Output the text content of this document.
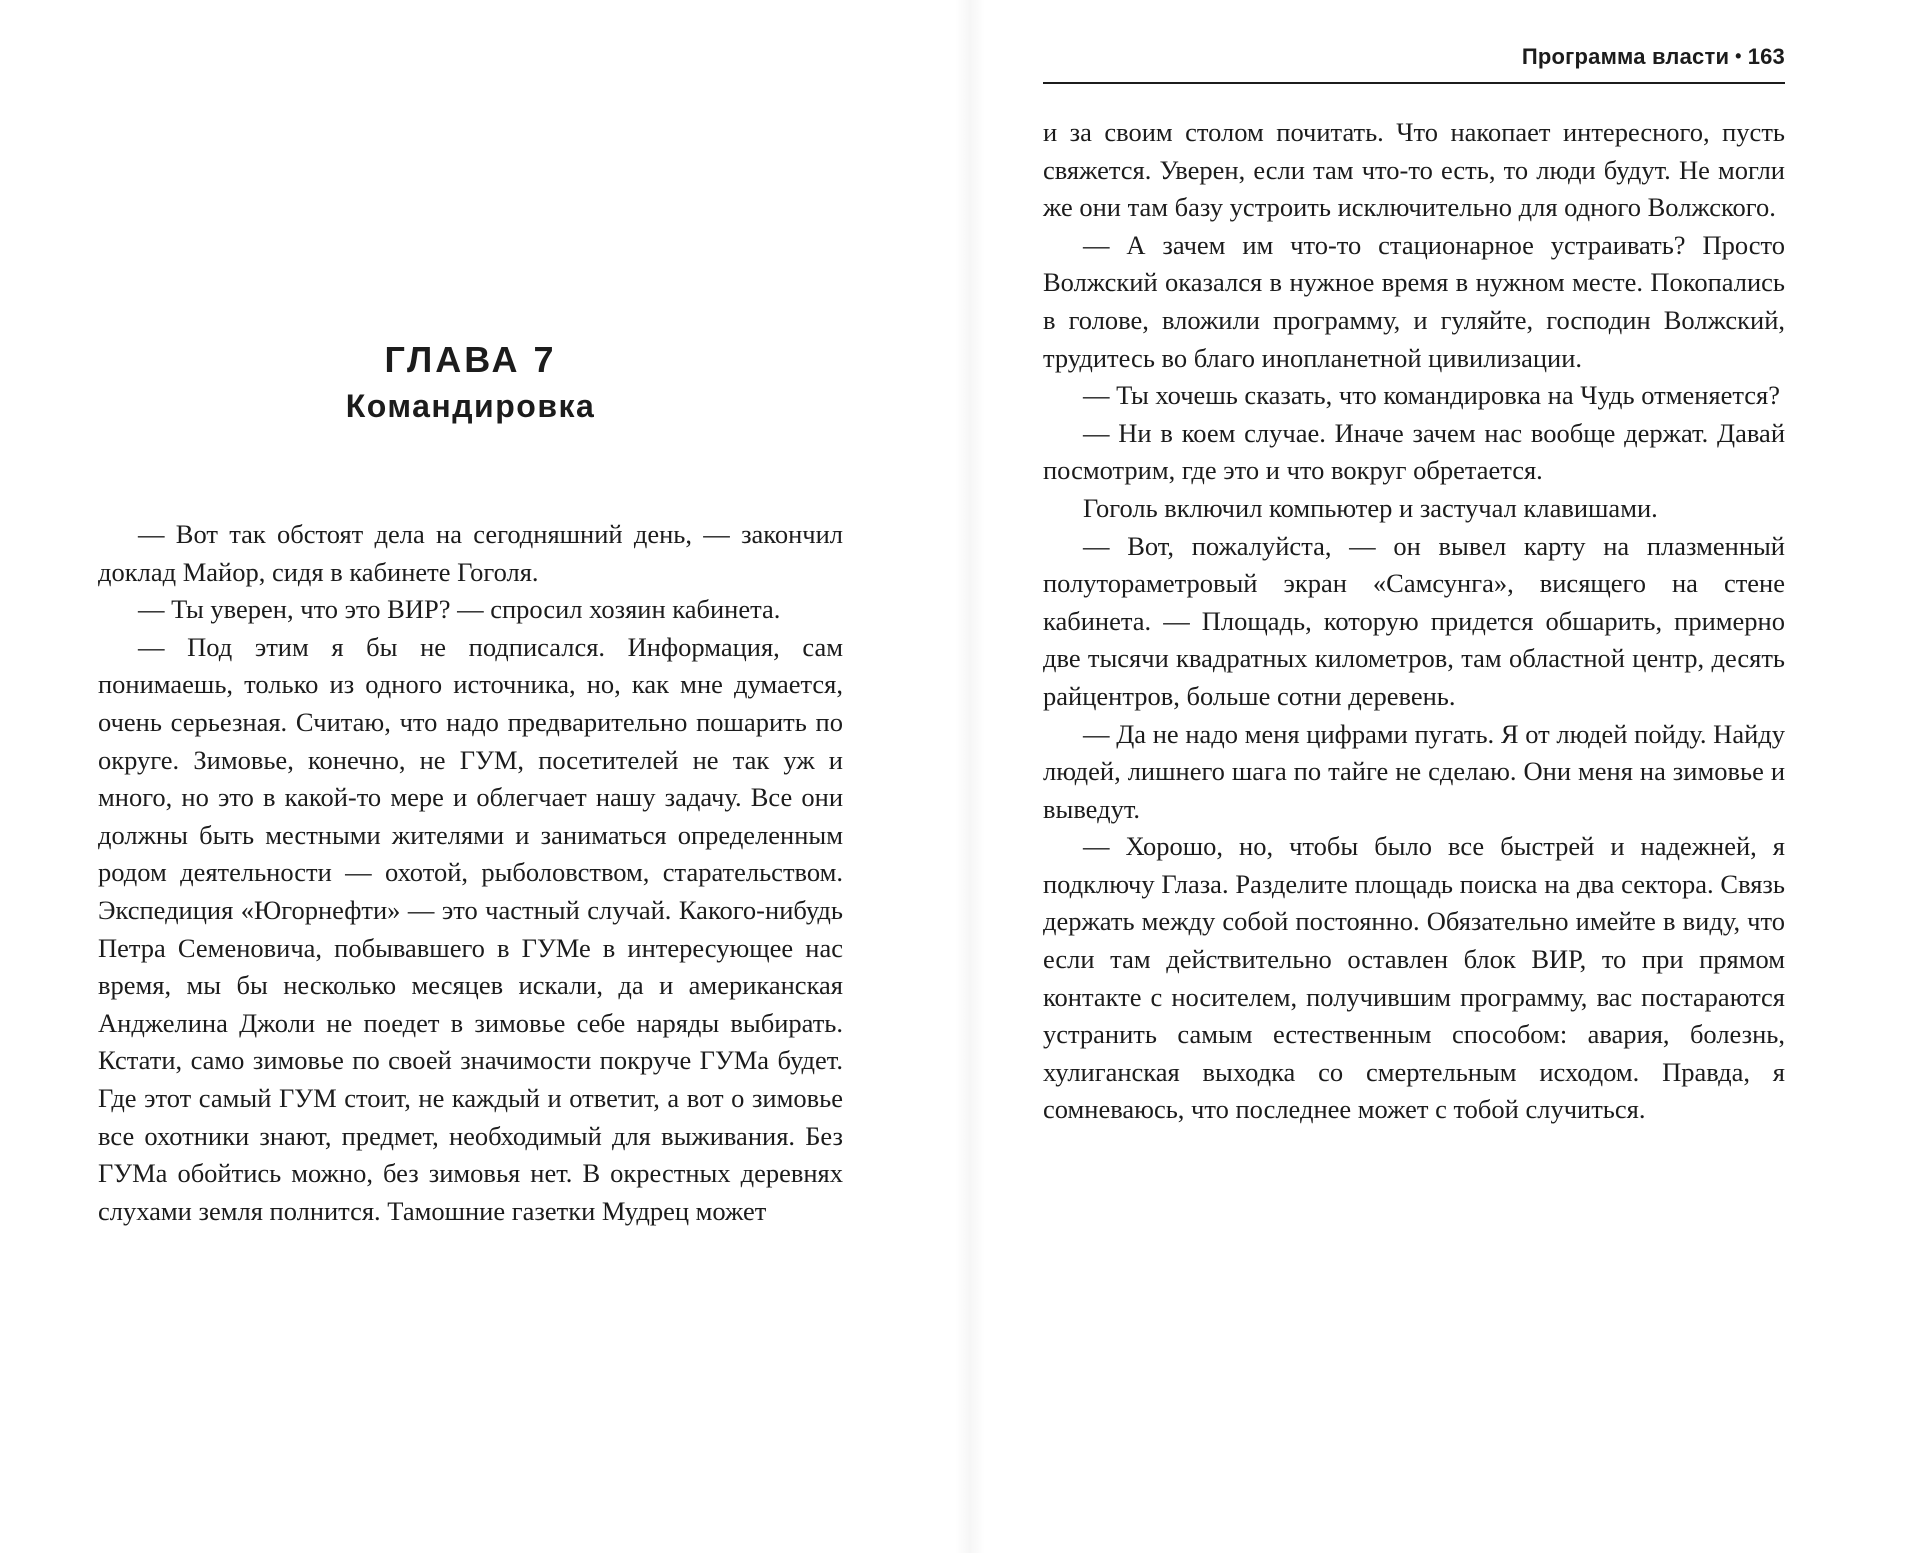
ГЛАВА 7
Командировка

— Вот так обстоят дела на сегодняшний день, — закончил доклад Майор, сидя в кабинете Гоголя.

— Ты уверен, что это ВИР? — спросил хозяин кабинета.

— Под этим я бы не подписался. Информация, сам понимаешь, только из одного источника, но, как мне думается, очень серьезная. Считаю, что надо предварительно пошарить по округе. Зимовье, конечно, не ГУМ, посетителей не так уж и много, но это в какой-то мере и облегчает нашу задачу. Все они должны быть местными жителями и заниматься определенным родом деятельности — охотой, рыболовством, старательством. Экспедиция «Югорнефти» — это частный случай. Какого-нибудь Петра Семеновича, побывавшего в ГУМе в интересующее нас время, мы бы несколько месяцев искали, да и американская Анджелина Джоли не поедет в зимовье себе наряды выбирать. Кстати, само зимовье по своей значимости покруче ГУМа будет. Где этот самый ГУМ стоит, не каждый и ответит, а вот о зимовье все охотники знают, предмет, необходимый для выживания. Без ГУМа обойтись можно, без зимовья нет. В окрестных деревнях слухами земля полнится. Тамошние газетки Мудрец может

Программа власти • 163

и за своим столом почитать. Что накопает интересного, пусть свяжется. Уверен, если там что-то есть, то люди будут. Не могли же они там базу устроить исключительно для одного Волжского.

— А зачем им что-то стационарное устраивать? Просто Волжский оказался в нужное время в нужном месте. Покопались в голове, вложили программу, и гуляйте, господин Волжский, трудитесь во благо инопланетной цивилизации.

— Ты хочешь сказать, что командировка на Чудь отменяется?

— Ни в коем случае. Иначе зачем нас вообще держат. Давай посмотрим, где это и что вокруг обретается.

Гоголь включил компьютер и застучал клавишами.

— Вот, пожалуйста, — он вывел карту на плазменный полутораметровый экран «Самсунга», висящего на стене кабинета. — Площадь, которую придется обшарить, примерно две тысячи квадратных километров, там областной центр, десять райцентров, больше сотни деревень.

— Да не надо меня цифрами пугать. Я от людей пойду. Найду людей, лишнего шага по тайге не сделаю. Они меня на зимовье и выведут.

— Хорошо, но, чтобы было все быстрей и надежней, я подключу Глаза. Разделите площадь поиска на два сектора. Связь держать между собой постоянно. Обязательно имейте в виду, что если там действительно оставлен блок ВИР, то при прямом контакте с носителем, получившим программу, вас постараются устранить самым естественным способом: авария, болезнь, хулиганская выходка со смертельным исходом. Правда, я сомневаюсь, что последнее может с тобой случиться.
